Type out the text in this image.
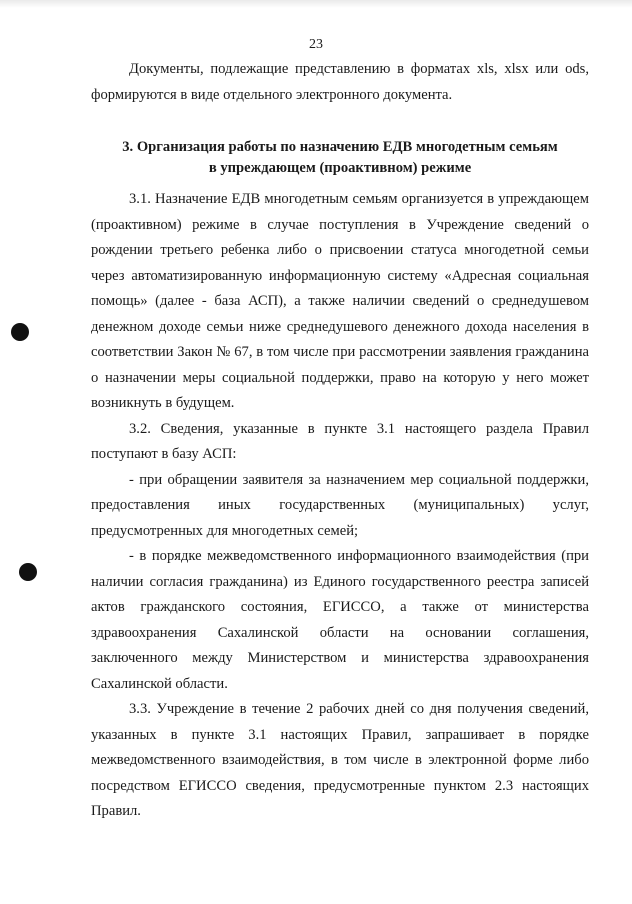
23

Документы, подлежащие представлению в форматах xls, xlsx или ods, формируются в виде отдельного электронного документа.

3. Организация работы по назначению ЕДВ многодетным семьям
в упреждающем (проактивном) режиме

3.1. Назначение ЕДВ многодетным семьям организуется в упреждающем (проактивном) режиме в случае поступления в Учреждение сведений о рождении третьего ребенка либо о присвоении статуса многодетной семьи через автоматизированную информационную систему «Адресная социальная помощь» (далее - база АСП), а также наличии сведений о среднедушевом денежном доходе семьи ниже среднедушевого денежного дохода населения в соответствии Закон № 67, в том числе при рассмотрении заявления гражданина о назначении меры социальной поддержки, право на которую у него может возникнуть в будущем.

3.2. Сведения, указанные в пункте 3.1 настоящего раздела Правил поступают в базу АСП:

- при обращении заявителя за назначением мер социальной поддержки, предоставления иных государственных (муниципальных) услуг, предусмотренных для многодетных семей;

- в порядке межведомственного информационного взаимодействия (при наличии согласия гражданина) из Единого государственного реестра записей актов гражданского состояния, ЕГИССО, а также от министерства здравоохранения Сахалинской области на основании соглашения, заключенного между Министерством и министерства здравоохранения Сахалинской области.

3.3. Учреждение в течение 2 рабочих дней со дня получения сведений, указанных в пункте 3.1 настоящих Правил, запрашивает в порядке межведомственного взаимодействия, в том числе в электронной форме либо посредством ЕГИССО сведения, предусмотренные пунктом 2.3 настоящих Правил.
